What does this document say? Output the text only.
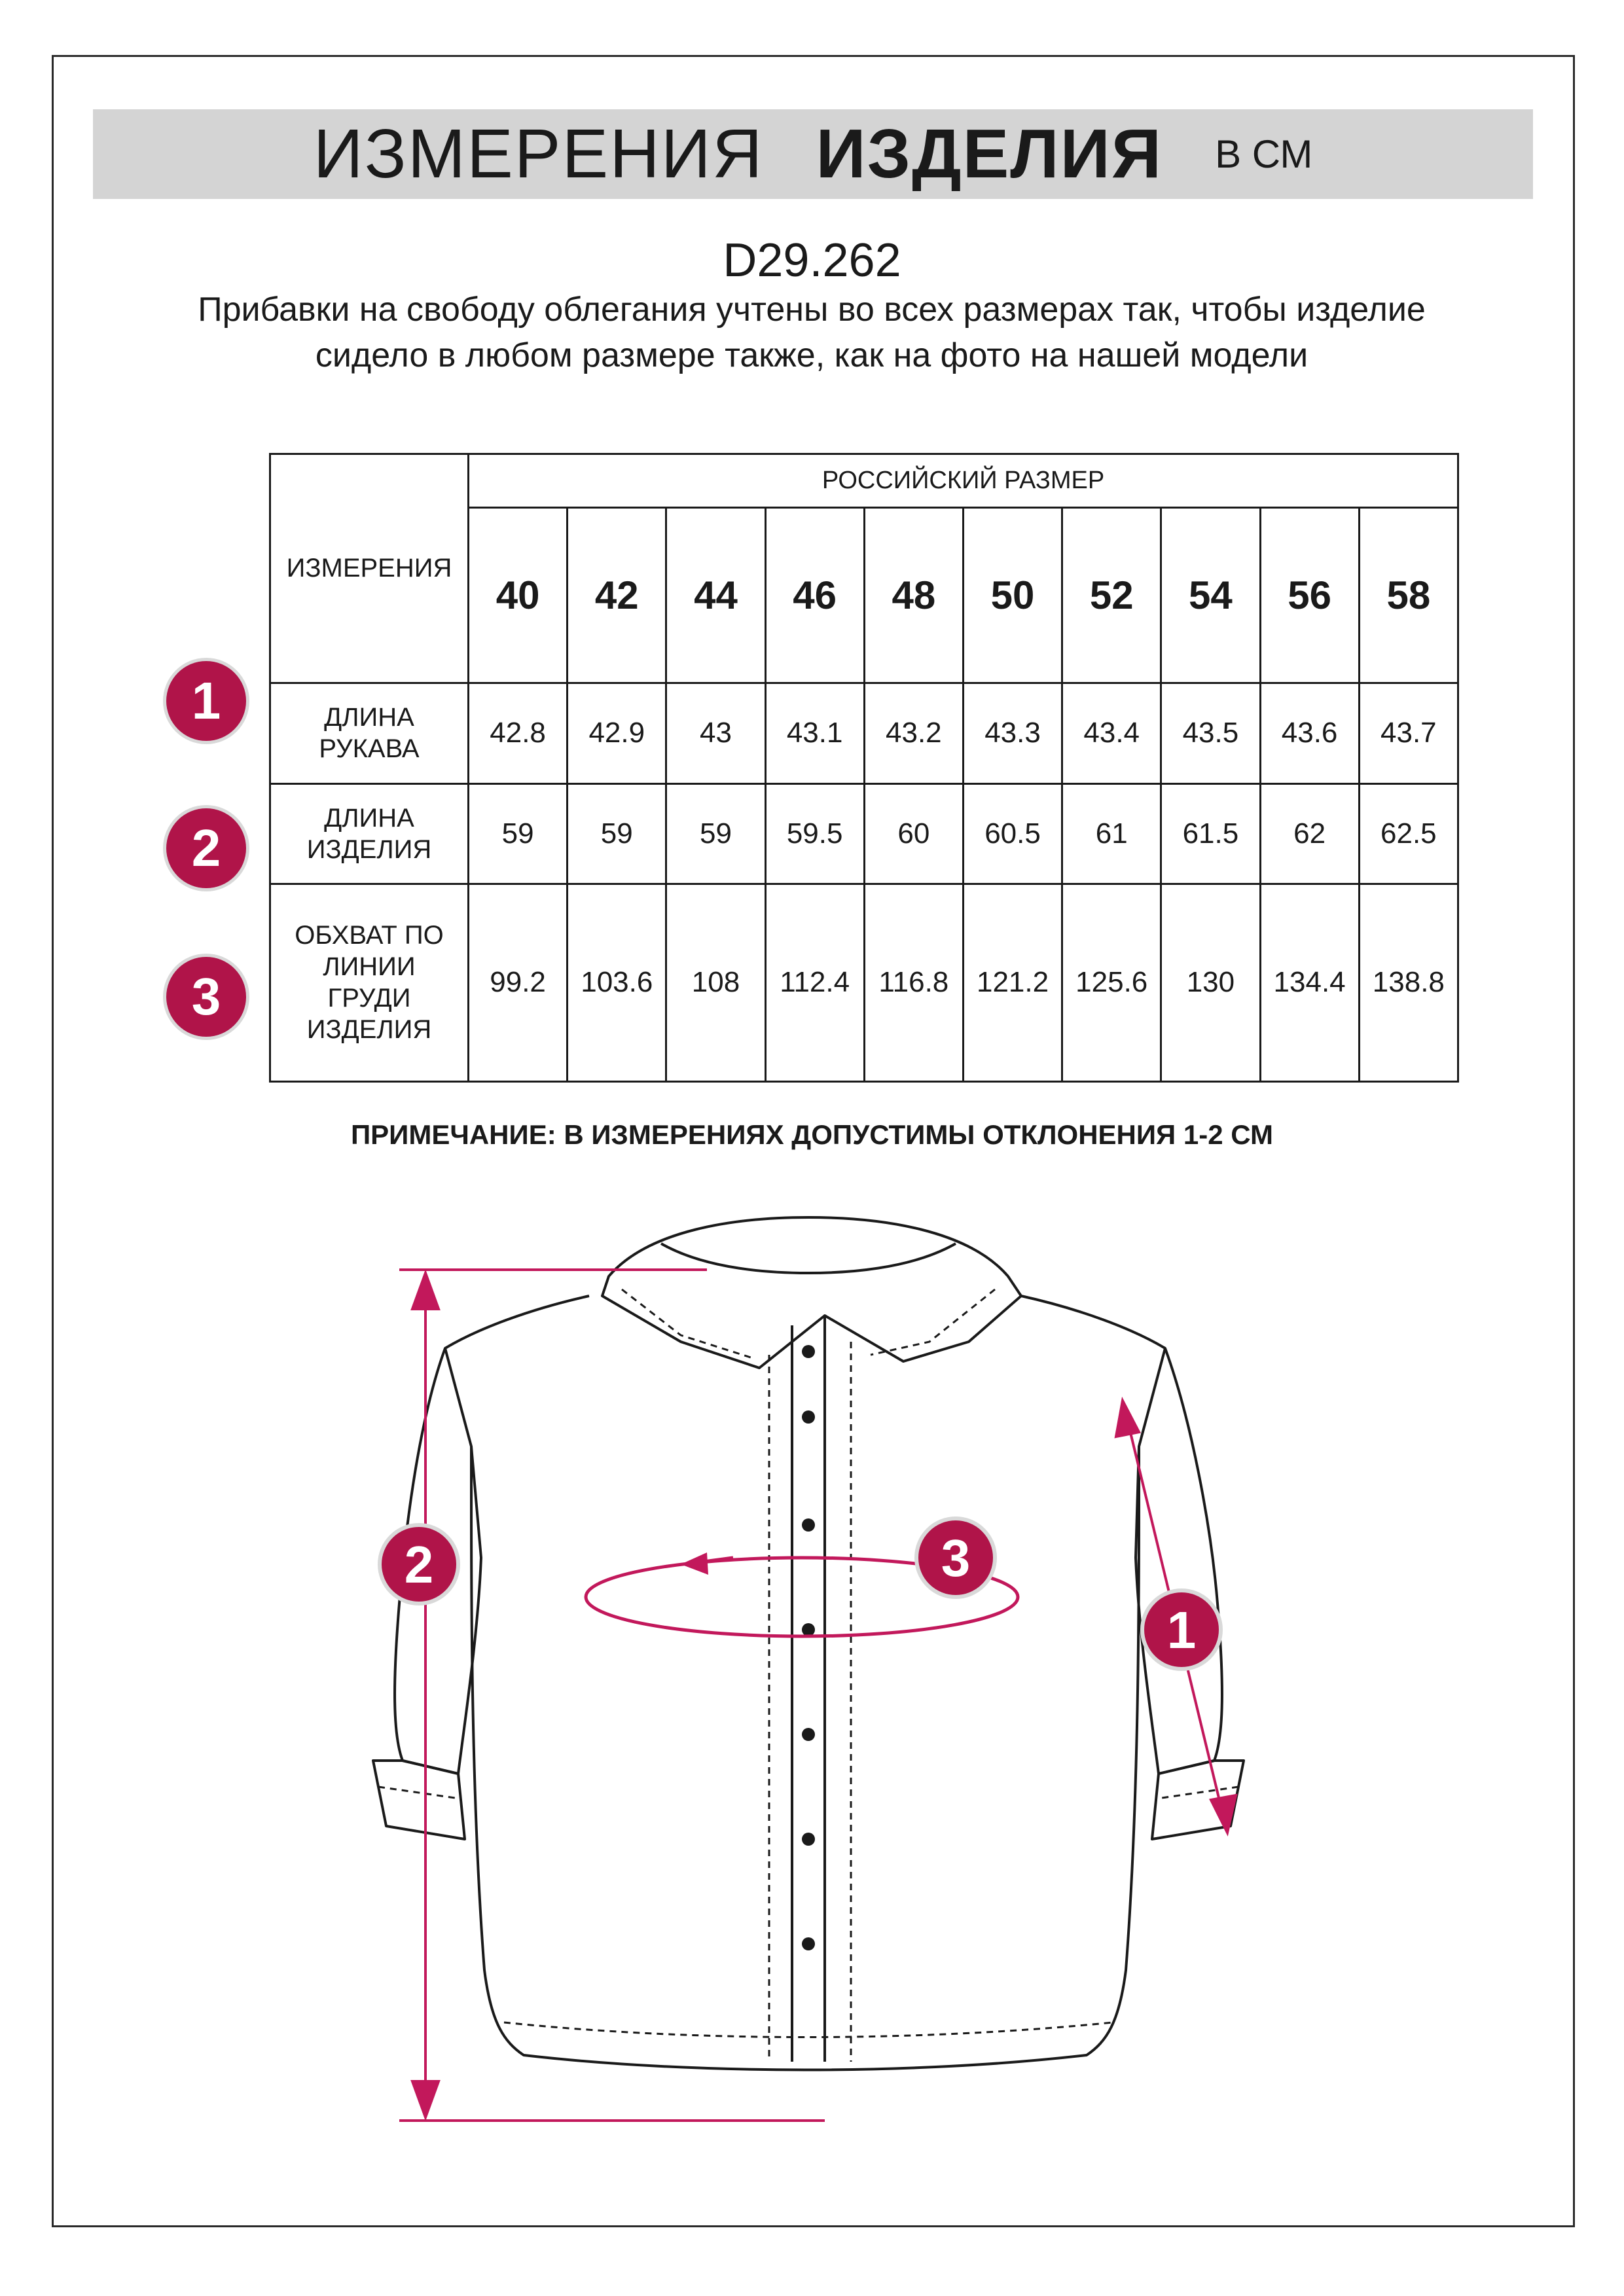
ИЗМЕРЕНИЯ ИЗДЕЛИЯ В СМ
D29.262
Прибавки на свободу облегания учтены во всех размерах так, чтобы изделие сидело в любом размере также, как на фото на нашей модели
ИЗМЕРЕНИЯ	РОССИЙСКИЙ РАЗМЕР									
	40	42	44	46	48	50	52	54	56	58

ДЛИНА
РУКАВА	42.8	42.9	43	43.1	43.2	43.3	43.4	43.5	43.6	43.7

ДЛИНА
ИЗДЕЛИЯ	59	59	59	59.5	60	60.5	61	61.5	62	62.5

ОБХВАТ ПО
ЛИНИИ
ГРУДИ
ИЗДЕЛИЯ	99.2	103.6	108	112.4	116.8	121.2	125.6	130	134.4	138.8
1
2
3
ПРИМЕЧАНИЕ: В ИЗМЕРЕНИЯХ ДОПУСТИМЫ ОТКЛОНЕНИЯ 1-2 СМ
2	3
1
